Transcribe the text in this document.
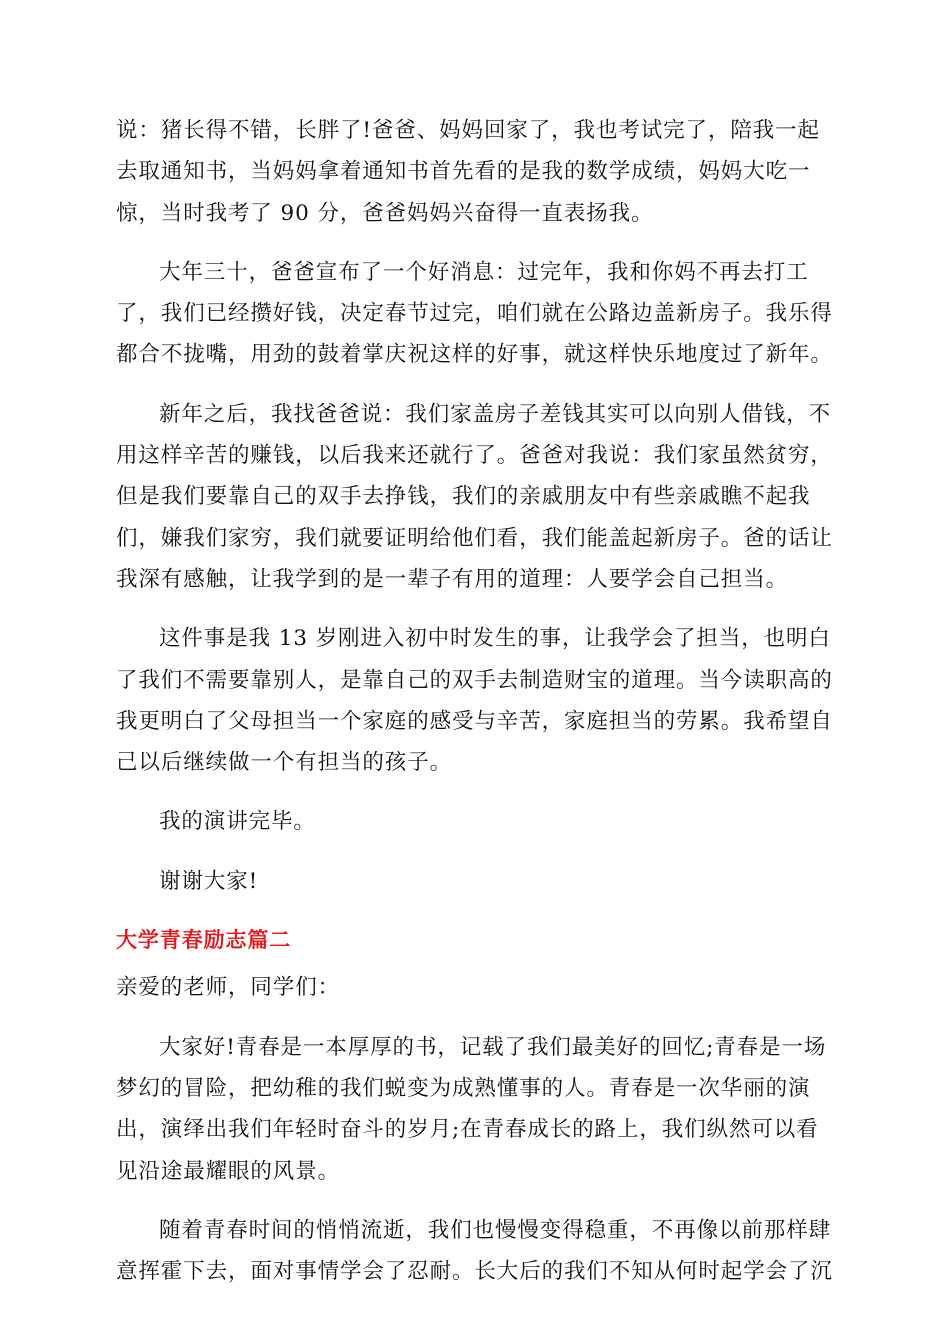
说：猪长得不错，长胖了!爸爸、妈妈回家了，我也考试完了，陪我一起去取通知书，当妈妈拿着通知书首先看的是我的数学成绩，妈妈大吃一惊，当时我考了 90 分，爸爸妈妈兴奋得一直表扬我。

大年三十，爸爸宣布了一个好消息：过完年，我和你妈不再去打工了，我们已经攒好钱，决定春节过完，咱们就在公路边盖新房子。我乐得都合不拢嘴，用劲的鼓着掌庆祝这样的好事，就这样快乐地度过了新年。

新年之后，我找爸爸说：我们家盖房子差钱其实可以向别人借钱，不用这样辛苦的赚钱，以后我来还就行了。爸爸对我说：我们家虽然贫穷，但是我们要靠自己的双手去挣钱，我们的亲戚朋友中有些亲戚瞧不起我们，嫌我们家穷，我们就要证明给他们看，我们能盖起新房子。爸的话让我深有感触，让我学到的是一辈子有用的道理：人要学会自己担当。

这件事是我 13 岁刚进入初中时发生的事，让我学会了担当，也明白了我们不需要靠别人，是靠自己的双手去制造财宝的道理。当今读职高的我更明白了父母担当一个家庭的感受与辛苦，家庭担当的劳累。我希望自己以后继续做一个有担当的孩子。

我的演讲完毕。

谢谢大家!

大学青春励志篇二

亲爱的老师，同学们：

大家好!青春是一本厚厚的书，记载了我们最美好的回忆;青春是一场梦幻的冒险，把幼稚的我们蜕变为成熟懂事的人。青春是一次华丽的演出，演绎出我们年轻时奋斗的岁月;在青春成长的路上，我们纵然可以看见沿途最耀眼的风景。

随着青春时间的悄悄流逝，我们也慢慢变得稳重，不再像以前那样肆意挥霍下去，面对事情学会了忍耐。长大后的我们不知从何时起学会了沉
